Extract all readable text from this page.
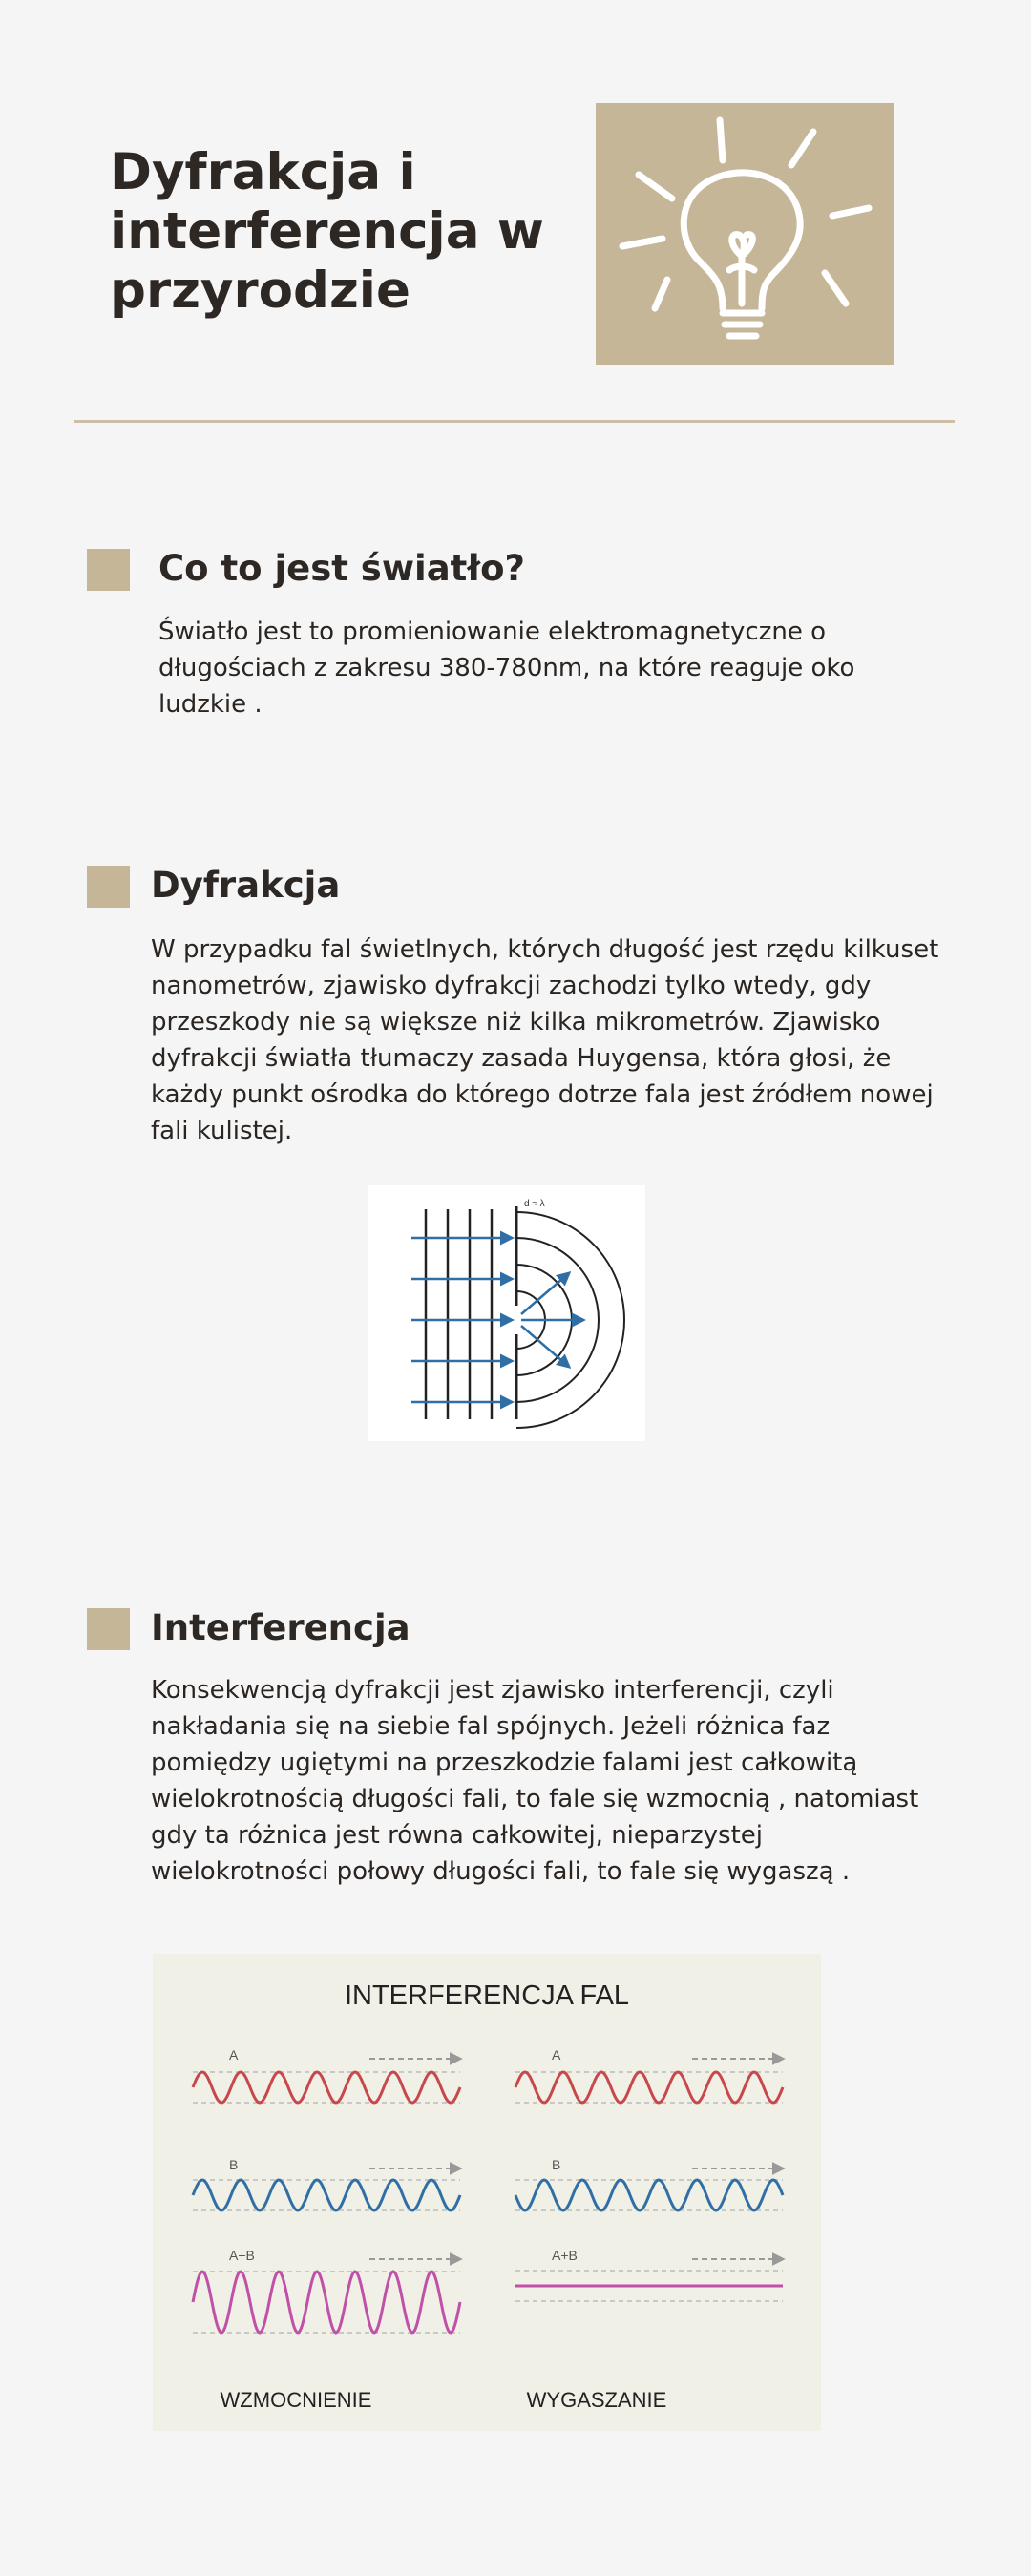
Dyfrakcja i interferencja w przyrodzie
Co to jest światło?
Światło jest to promieniowanie elektromagnetyczne o długościach z zakresu 380-780nm, na które reaguje oko ludzkie .
Dyfrakcja
W przypadku fal świetlnych, których długość jest rzędu kilkuset nanometrów, zjawisko dyfrakcji zachodzi tylko wtedy, gdy przeszkody nie są większe niż kilka mikrometrów. Zjawisko dyfrakcji światła tłumaczy zasada Huygensa, która głosi, że każdy punkt ośrodka do którego dotrze fala jest źródłem nowej fali kulistej.
d ≈ λ
Interferencja
Konsekwencją dyfrakcji jest zjawisko interferencji, czyli nakładania się na siebie fal spójnych. Jeżeli różnica faz pomiędzy ugiętymi na przeszkodzie falami jest całkowitą wielokrotnością długości fali, to fale się wzmocnią , natomiast gdy ta różnica jest równa całkowitej, nieparzystej wielokrotności połowy długości fali, to fale się wygaszą .
INTERFERENCJA FAL
A	A
B	B
A+B	A+B
WZMOCNIENIE	WYGASZANIE
